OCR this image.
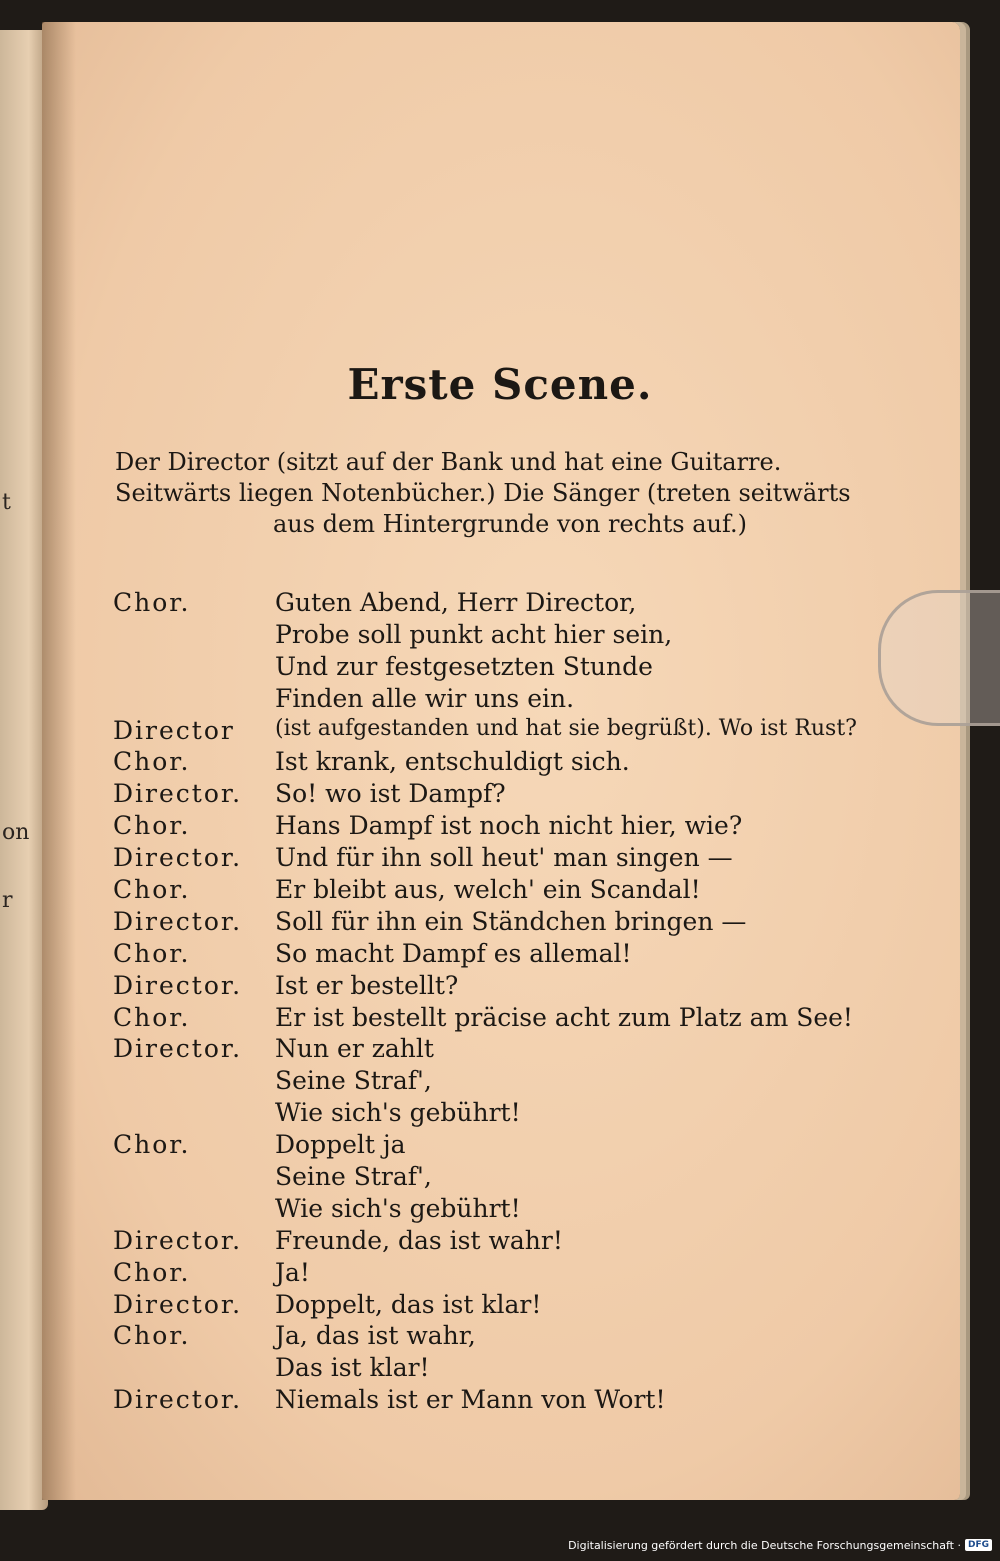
t
on
r
Erste Scene.
Der Director (sitzt auf der Bank und hat eine Guitarre.
Seitwärts liegen Notenbücher.) Die Sänger (treten seitwärts
aus dem Hintergrunde von rechts auf.)
Chor.	Guten Abend, Herr Director,
Probe soll punkt acht hier sein,
Und zur festgesetzten Stunde
Finden alle wir uns ein.
Director (ist aufgestanden und hat sie begrüßt). Wo ist Rust?
Chor.	Ist krank, entschuldigt sich.
Director. So! wo ist Dampf?
Chor.	Hans Dampf ist noch nicht hier, wie?
Director. Und für ihn soll heut' man singen —
Chor.	Er bleibt aus, welch' ein Scandal!
Director. Soll für ihn ein Ständchen bringen —
Chor.	So macht Dampf es allemal!
Director. Ist er bestellt?
Chor.	Er ist bestellt präcise acht zum Platz am See!
Director. Nun er zahlt
Seine Straf',
Wie sich's gebührt!
Chor.	Doppelt ja
Seine Straf',
Wie sich's gebührt!
Director. Freunde, das ist wahr!
Chor.	Ja!
Director. Doppelt, das ist klar!
Chor.	Ja, das ist wahr,
Das ist klar!
Director. Niemals ist er Mann von Wort!
Digitalisierung gefördert durch die Deutsche Forschungsgemeinschaft · DFG
